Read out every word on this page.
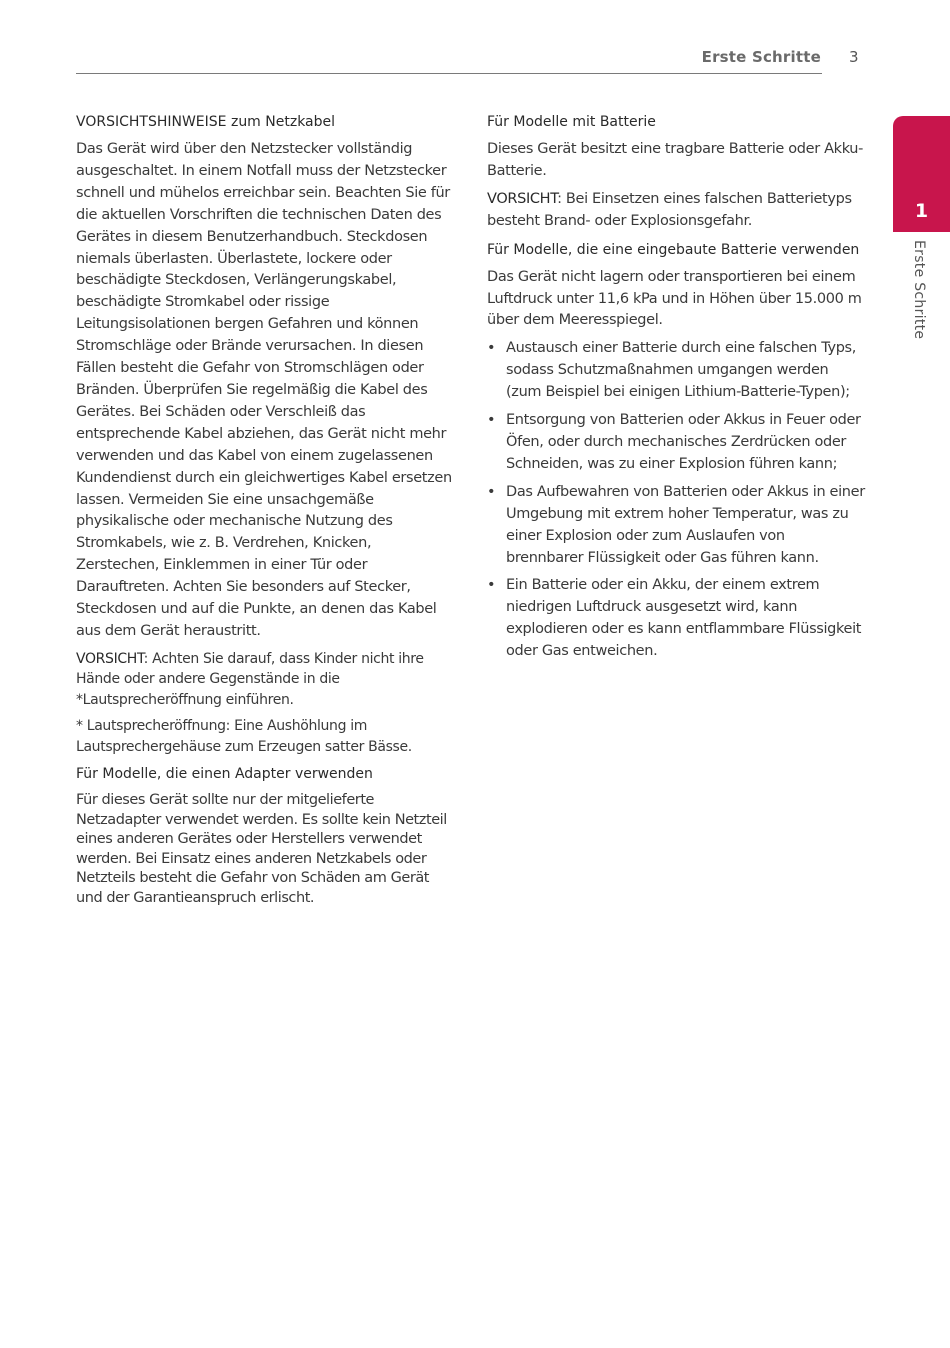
Erste Schritte 3
1
Erste Schritte
VORSICHTSHINWEISE zum Netzkabel
Das Gerät wird über den Netzstecker vollständig ausgeschaltet. In einem Notfall muss der Netzstecker schnell und mühelos erreichbar sein. Beachten Sie für die aktuellen Vorschriften die technischen Daten des Gerätes in diesem Benutzerhandbuch. Steckdosen niemals überlasten. Überlastete, lockere oder beschädigte Steckdosen, Verlängerungskabel, beschädigte Stromkabel oder rissige Leitungsisolationen bergen Gefahren und können Stromschläge oder Brände verursachen. In diesen Fällen besteht die Gefahr von Stromschlägen oder Bränden. Überprüfen Sie regelmäßig die Kabel des Gerätes. Bei Schäden oder Verschleiß das entsprechende Kabel abziehen, das Gerät nicht mehr verwenden und das Kabel von einem zugelassenen Kundendienst durch ein gleichwertiges Kabel ersetzen lassen. Vermeiden Sie eine unsachgemäße physikalische oder mechanische Nutzung des Stromkabels, wie z. B. Verdrehen, Knicken, Zerstechen, Einklemmen in einer Tür oder Darauftreten. Achten Sie besonders auf Stecker, Steckdosen und auf die Punkte, an denen das Kabel aus dem Gerät heraustritt.
VORSICHT: Achten Sie darauf, dass Kinder nicht ihre Hände oder andere Gegenstände in die *Lautsprecheröffnung einführen.
* Lautsprecheröffnung: Eine Aushöhlung im Lautsprechergehäuse zum Erzeugen satter Bässe.
Für Modelle, die einen Adapter verwenden
Für dieses Gerät sollte nur der mitgelieferte Netzadapter verwendet werden. Es sollte kein Netzteil eines anderen Gerätes oder Herstellers verwendet werden. Bei Einsatz eines anderen Netzkabels oder Netzteils besteht die Gefahr von Schäden am Gerät und der Garantieanspruch erlischt.
Für Modelle mit Batterie
Dieses Gerät besitzt eine tragbare Batterie oder Akku-Batterie.
VORSICHT: Bei Einsetzen eines falschen Batterietyps besteht Brand- oder Explosionsgefahr.
Für Modelle, die eine eingebaute Batterie verwenden
Das Gerät nicht lagern oder transportieren bei einem Luftdruck unter 11,6 kPa und in Höhen über 15.000 m über dem Meeresspiegel.
• Austausch einer Batterie durch eine falschen Typs, sodass Schutzmaßnahmen umgangen werden (zum Beispiel bei einigen Lithium-Batterie-Typen);
• Entsorgung von Batterien oder Akkus in Feuer oder Öfen, oder durch mechanisches Zerdrücken oder Schneiden, was zu einer Explosion führen kann;
• Das Aufbewahren von Batterien oder Akkus in einer Umgebung mit extrem hoher Temperatur, was zu einer Explosion oder zum Auslaufen von brennbarer Flüssigkeit oder Gas führen kann.
• Ein Batterie oder ein Akku, der einem extrem niedrigen Luftdruck ausgesetzt wird, kann explodieren oder es kann entflammbare Flüssigkeit oder Gas entweichen.
